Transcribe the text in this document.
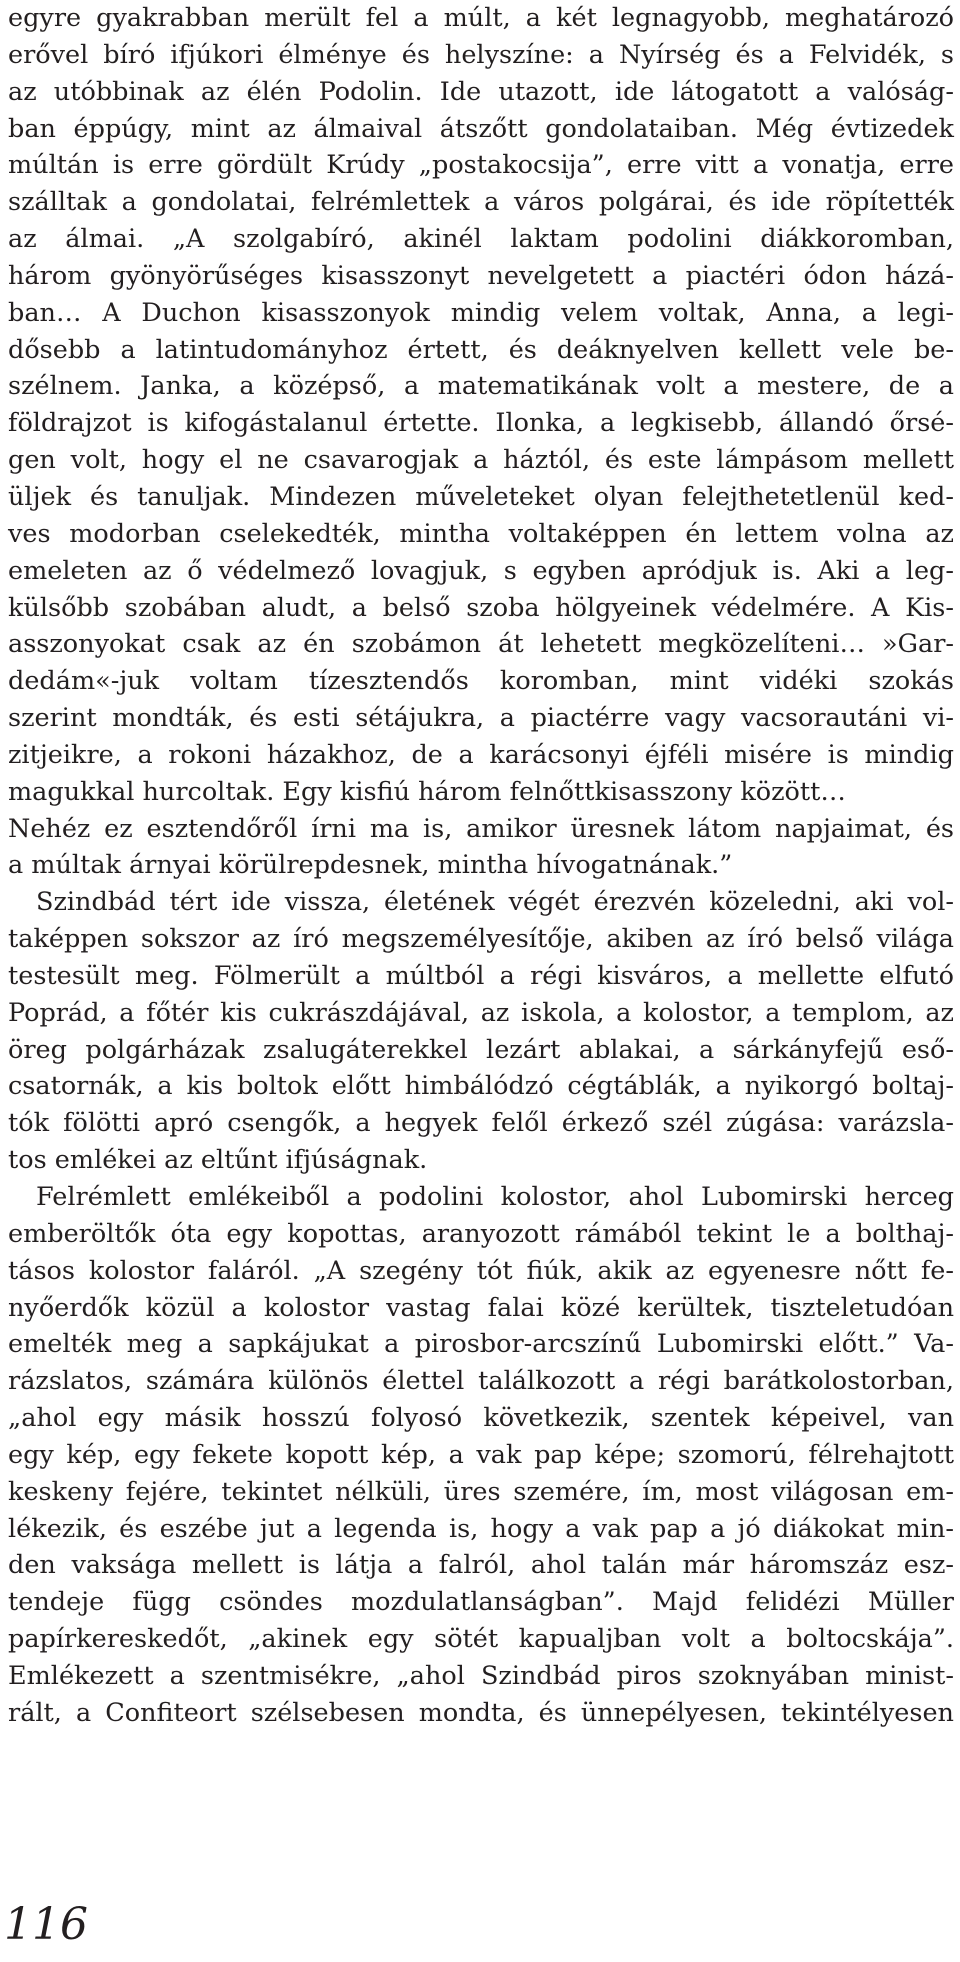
egyre gyakrabban merült fel a múlt, a két legnagyobb, meghatározó
erővel bíró ifjúkori élménye és helyszíne: a Nyírség és a Felvidék, s
az utóbbinak az élén Podolin. Ide utazott, ide látogatott a valóság-
ban éppúgy, mint az álmaival átszőtt gondolataiban. Még évtizedek
múltán is erre gördült Krúdy „postakocsija”, erre vitt a vonatja, erre
szálltak a gondolatai, felrémlettek a város polgárai, és ide röpítették
az álmai. „A szolgabíró, akinél laktam podolini diákkoromban,
három gyönyörűséges kisasszonyt nevelgetett a piactéri ódon házá-
ban… A Duchon kisasszonyok mindig velem voltak, Anna, a legi-
dősebb a latintudományhoz értett, és deáknyelven kellett vele be-
szélnem. Janka, a középső, a matematikának volt a mestere, de a
földrajzot is kifogástalanul értette. Ilonka, a legkisebb, állandó őrsé-
gen volt, hogy el ne csavarogjak a háztól, és este lámpásom mellett
üljek és tanuljak. Mindezen műveleteket olyan felejthetetlenül ked-
ves modorban cselekedték, mintha voltaképpen én lettem volna az
emeleten az ő védelmező lovagjuk, s egyben apródjuk is. Aki a leg-
külsőbb szobában aludt, a belső szoba hölgyeinek védelmére. A Kis-
asszonyokat csak az én szobámon át lehetett megközelíteni… »Gar-
dedám«-juk voltam tízesztendős koromban, mint vidéki szokás
szerint mondták, és esti sétájukra, a piactérre vagy vacsorautáni vi-
zitjeikre, a rokoni házakhoz, de a karácsonyi éjféli misére is mindig
magukkal hurcoltak. Egy kisfiú három felnőttkisasszony között…
Nehéz ez esztendőről írni ma is, amikor üresnek látom napjaimat, és
a múltak árnyai körülrepdesnek, mintha hívogatnának.”
Szindbád tért ide vissza, életének végét érezvén közeledni, aki vol-
taképpen sokszor az író megszemélyesítője, akiben az író belső világa
testesült meg. Fölmerült a múltból a régi kisváros, a mellette elfutó
Poprád, a főtér kis cukrászdájával, az iskola, a kolostor, a templom, az
öreg polgárházak zsalugáterekkel lezárt ablakai, a sárkányfejű eső-
csatornák, a kis boltok előtt himbálódzó cégtáblák, a nyikorgó boltaj-
tók fölötti apró csengők, a hegyek felől érkező szél zúgása: varázsla-
tos emlékei az eltűnt ifjúságnak.
Felrémlett emlékeiből a podolini kolostor, ahol Lubomirski herceg
emberöltők óta egy kopottas, aranyozott rámából tekint le a bolthaj-
tásos kolostor faláról. „A szegény tót fiúk, akik az egyenesre nőtt fe-
nyőerdők közül a kolostor vastag falai közé kerültek, tiszteletudóan
emelték meg a sapkájukat a pirosbor-arcszínű Lubomirski előtt.” Va-
rázslatos, számára különös élettel találkozott a régi barátkolostorban,
„ahol egy másik hosszú folyosó következik, szentek képeivel, van
egy kép, egy fekete kopott kép, a vak pap képe; szomorú, félrehajtott
keskeny fejére, tekintet nélküli, üres szemére, ím, most világosan em-
lékezik, és eszébe jut a legenda is, hogy a vak pap a jó diákokat min-
den vaksága mellett is látja a falról, ahol talán már háromszáz esz-
tendeje függ csöndes mozdulatlanságban”. Majd felidézi Müller
papírkereskedőt, „akinek egy sötét kapualjban volt a boltocskája”.
Emlékezett a szentmisékre, „ahol Szindbád piros szoknyában minist-
rált, a Confiteort szélsebesen mondta, és ünnepélyesen, tekintélyesen
116
